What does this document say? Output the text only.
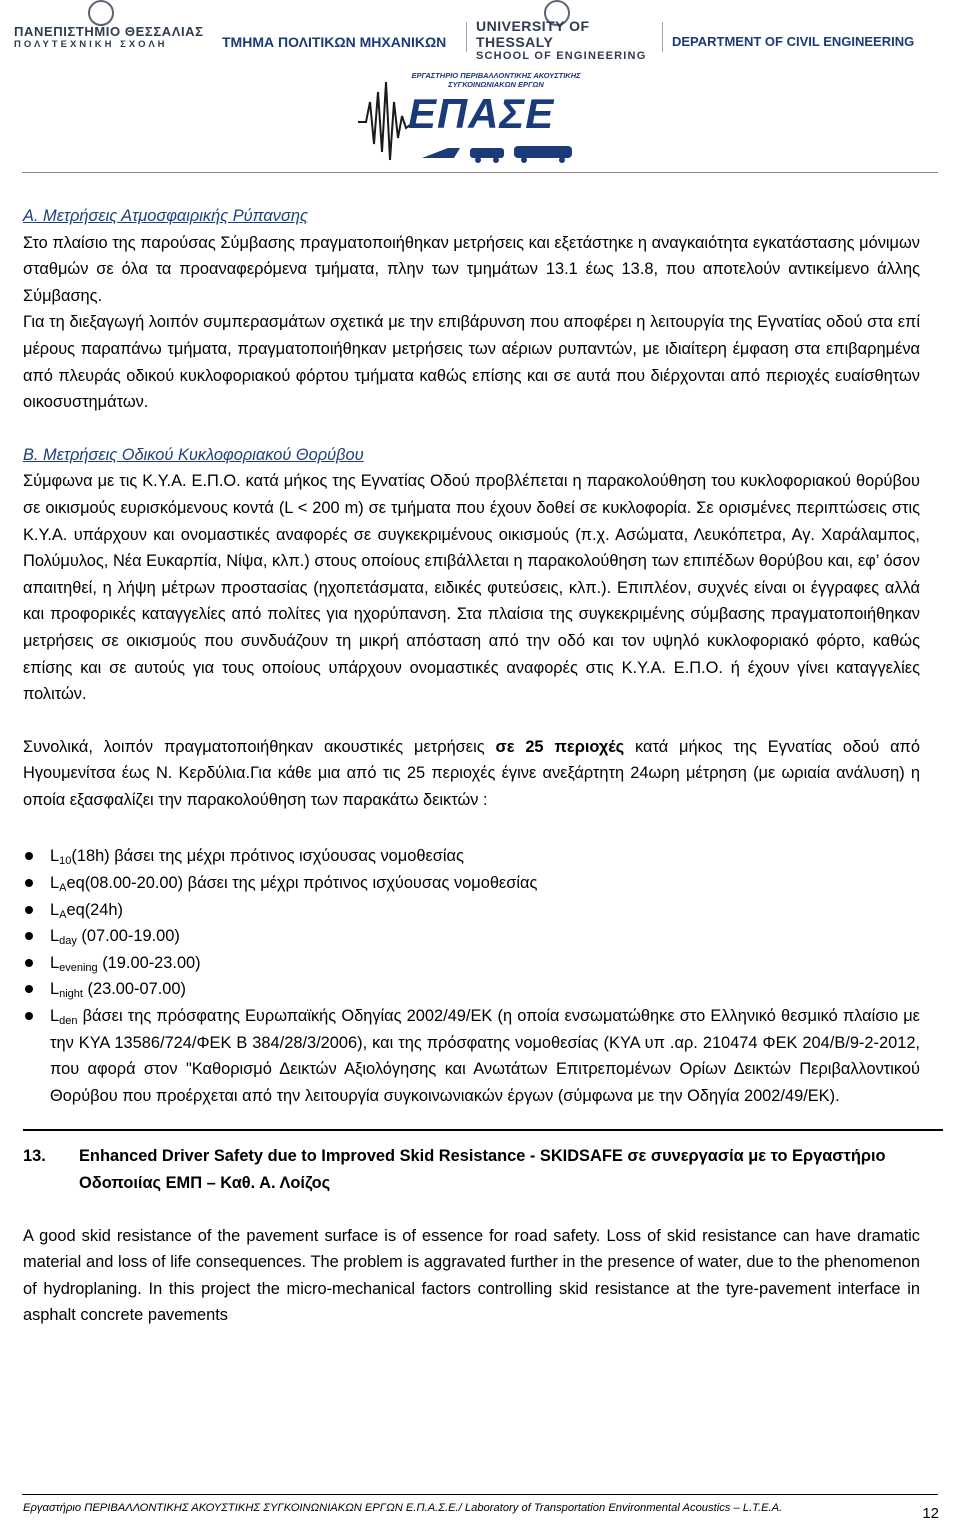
ΠΑΝΕΠΙΣΤΗΜΙΟ ΘΕΣΣΑΛΙΑΣ
ΠΟΛΥΤΕΧΝΙΚΗ ΣΧΟΛΗ	ΤΜΗΜΑ ΠΟΛΙΤΙΚΩΝ ΜΗΧΑΝΙΚΩΝ
UNIVERSITY OF THESSALY
SCHOOL OF ENGINEERING
DEPARTMENT OF CIVIL ENGINEERING
ΕΡΓΑΣΤΗΡΙΟ ΠΕΡΙΒΑΛΛΟΝΤΙΚΗΣ ΑΚΟΥΣΤΙΚΗΣ ΣΥΓΚΟΙΝΩΝΙΑΚΩΝ ΕΡΓΩΝ
ΕΠΑΣΕ

Α. Μετρήσεις Ατμοσφαιρικής Ρύπανσης

Στο πλαίσιο της παρούσας Σύμβασης πραγματοποιήθηκαν μετρήσεις και εξετάστηκε η αναγκαιότητα εγκατάστασης μόνιμων σταθμών σε όλα τα προαναφερόμενα τμήματα, πλην των τμημάτων 13.1 έως 13.8, που αποτελούν αντικείμενο άλλης Σύμβασης.

Για τη διεξαγωγή λοιπόν συμπερασμάτων σχετικά με την επιβάρυνση που αποφέρει η λειτουργία της Εγνατίας οδού στα επί μέρους παραπάνω τμήματα, πραγματοποιήθηκαν μετρήσεις των αέριων ρυπαντών, με ιδιαίτερη έμφαση στα επιβαρημένα από πλευράς οδικού κυκλοφοριακού φόρτου τμήματα καθώς επίσης και σε αυτά που διέρχονται από περιοχές ευαίσθητων οικοσυστημάτων.

Β. Μετρήσεις Οδικού Κυκλοφοριακού Θορύβου

Σύμφωνα με τις Κ.Υ.Α. Ε.Π.Ο. κατά μήκος της Εγνατίας Οδού προβλέπεται η παρακολούθηση του κυκλοφοριακού θορύβου σε οικισμούς ευρισκόμενους κοντά (L < 200 m) σε τμήματα που έχουν δοθεί σε κυκλοφορία. Σε ορισμένες περιπτώσεις στις Κ.Υ.Α. υπάρχουν και ονομαστικές αναφορές σε συγκεκριμένους οικισμούς (π.χ. Ασώματα, Λευκόπετρα, Αγ. Χαράλαμπος, Πολύμυλος, Νέα Ευκαρπία, Νίψα, κλπ.) στους οποίους επιβάλλεται η παρακολούθηση των επιπέδων θορύβου και, εφ’ όσον απαιτηθεί, η λήψη μέτρων προστασίας (ηχοπετάσματα, ειδικές φυτεύσεις, κλπ.). Επιπλέον, συχνές είναι οι έγγραφες αλλά και προφορικές καταγγελίες από πολίτες για ηχορύπανση. Στα πλαίσια της συγκεκριμένης σύμβασης πραγματοποιήθηκαν μετρήσεις σε οικισμούς που συνδυάζουν τη μικρή απόσταση από την οδό και τον υψηλό κυκλοφοριακό φόρτο, καθώς επίσης και σε αυτούς για τους οποίους υπάρχουν ονομαστικές αναφορές στις Κ.Υ.Α. Ε.Π.Ο. ή έχουν γίνει καταγγελίες πολιτών.

Συνολικά, λοιπόν πραγματοποιήθηκαν ακουστικές μετρήσεις σε 25 περιοχές κατά μήκος της Εγνατίας οδού από Ηγουμενίτσα έως Ν. Κερδύλια.Για κάθε μια από τις 25 περιοχές έγινε ανεξάρτητη 24ωρη μέτρηση (με ωριαία ανάλυση) η οποία εξασφαλίζει την παρακολούθηση των παρακάτω δεικτών :

$L_{10}(18h)$ βάσει της μέχρι πρότινος ισχύουσας νομοθεσίας
$L_Aeq(08.00-20.00)$ βάσει της μέχρι πρότινος ισχύουσας νομοθεσίας
$L_Aeq(24h)$
$L_{day}$ (07.00-19.00)
$L_{evening}$ (19.00-23.00)
$L_{night}$ (23.00-07.00)
$L_{den}$ βάσει της πρόσφατης Ευρωπαϊκής Οδηγίας 2002/49/ΕΚ (η οποία ενσωματώθηκε στο Ελληνικό θεσμικό πλαίσιο με την ΚΥΑ 13586/724/ΦΕΚ Β 384/28/3/2006), και της πρόσφατης νομοθεσίας (ΚΥΑ υπ .αρ. 210474 ΦΕΚ 204/Β/9-2-2012, που αφορά στον "Καθορισμό Δεικτών Αξιολόγησης και Ανωτάτων Επιτρεπομένων Ορίων Δεικτών Περιβαλλοντικού Θορύβου που προέρχεται από την λειτουργία συγκοινωνιακών έργων (σύμφωνα με την Οδηγία 2002/49/ΕΚ).
13.	Enhanced Driver Safety due to Improved Skid Resistance - SKIDSAFE σε συνεργασία με το Εργαστήριο Οδοποιίας ΕΜΠ – Καθ. Α. Λοίζος

A good skid resistance of the pavement surface is of essence for road safety. Loss of skid resistance can have dramatic material and loss of life consequences. The problem is aggravated further in the presence of water, due to the phenomenon of hydroplaning. In this project the micro-mechanical factors controlling skid resistance at the tyre-pavement interface in asphalt concrete pavements

Εργαστήριο ΠΕΡΙΒΑΛΛΟΝΤΙΚΗΣ ΑΚΟΥΣΤΙΚΗΣ ΣΥΓΚΟΙΝΩΝΙΑΚΩΝ ΕΡΓΩΝ Ε.Π.Α.Σ.Ε./ Laboratory of Transportation Environmental Acoustics – L.T.E.A.	12
